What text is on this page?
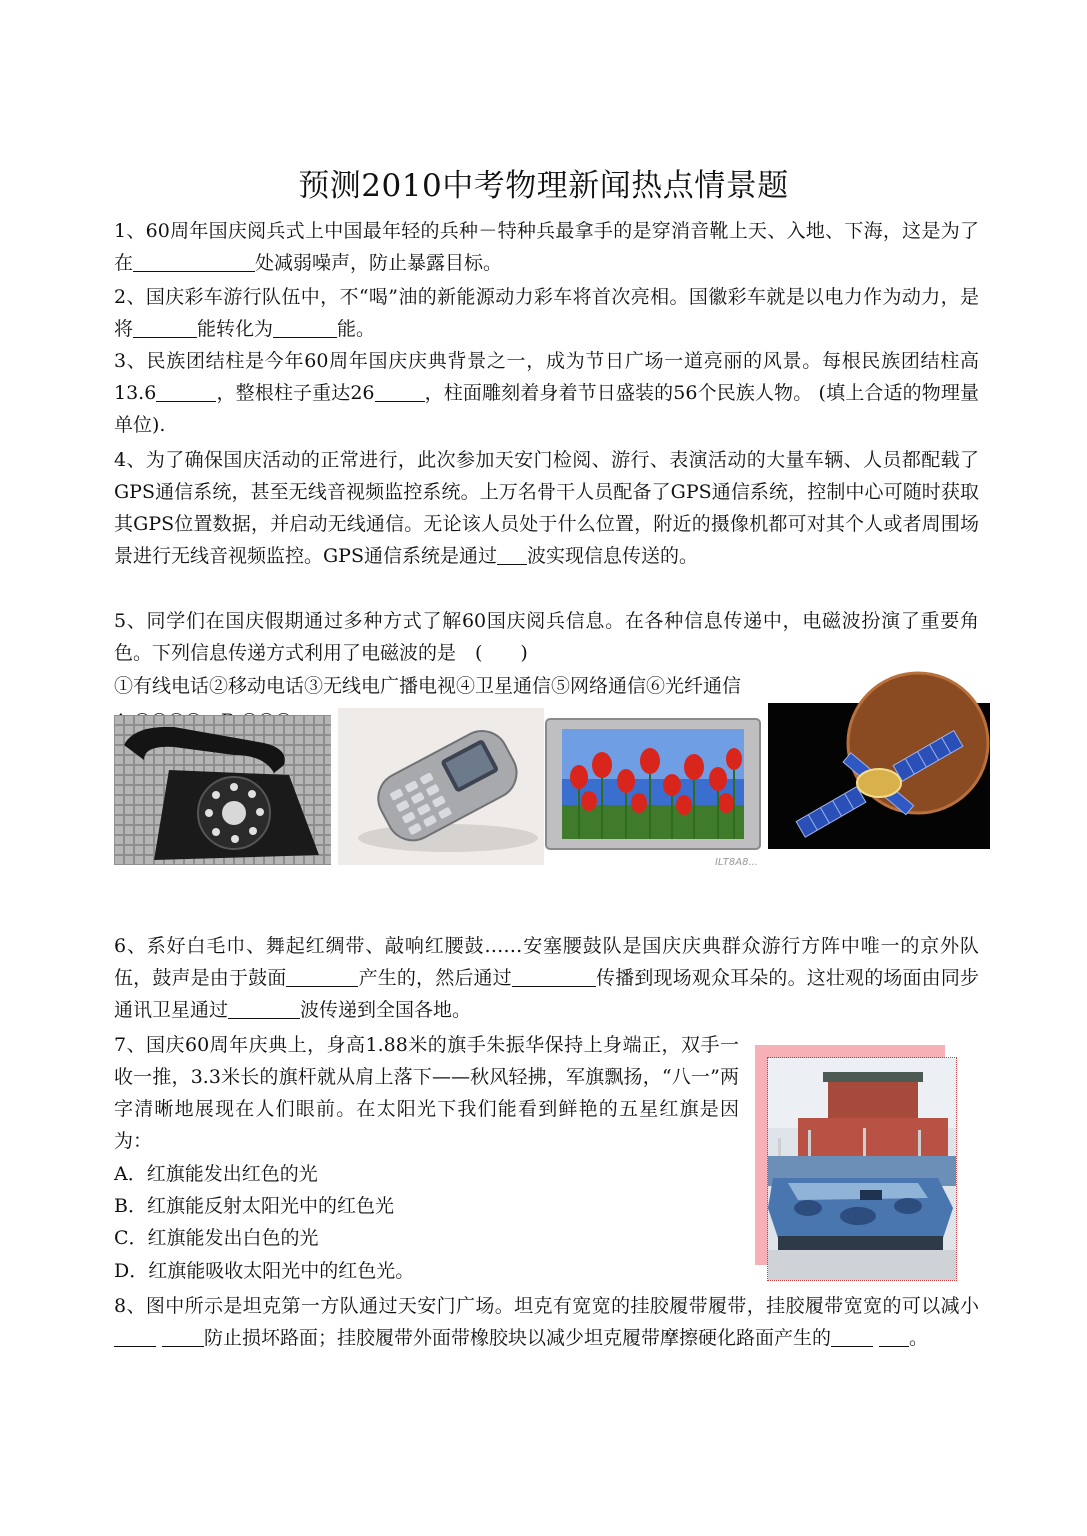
预测2010中考物理新闻热点情景题

1、60周年国庆阅兵式上中国最年轻的兵种－特种兵最拿手的是穿消音靴上天、入地、下海，这是为了在	处减弱噪声，防止暴露目标。

2、国庆彩车游行队伍中，不“喝”油的新能源动力彩车将首次亮相。国徽彩车就是以电力作为动力，是将	能转化为	能。

3、民族团结柱是今年60周年国庆庆典背景之一，成为节日广场一道亮丽的风景。每根民族团结柱高13.6	，整根柱子重达26	，柱面雕刻着身着节日盛装的56个民族人物。 (填上合适的物理量单位).

4、为了确保国庆活动的正常进行，此次参加天安门检阅、游行、表演活动的大量车辆、人员都配载了GPS通信系统，甚至无线音视频监控系统。上万名骨干人员配备了GPS通信系统，控制中心可随时获取其GPS位置数据，并启动无线通信。无论该人员处于什么位置，附近的摄像机都可对其个人或者周围场景进行无线音视频监控。GPS通信系统是通过 波实现信息传送的。

5、同学们在国庆假期通过多种方式了解60国庆阅兵信息。在各种信息传递中，电磁波扮演了重要角色。下列信息传递方式利用了电磁波的是　(　　)

①有线电话②移动电话③无线电广播电视④卫星通信⑤网络通信⑥光纤通信
ILT8A8...

6、系好白毛巾、舞起红绸带、敲响红腰鼓……安塞腰鼓队是国庆庆典群众游行方阵中唯一的京外队伍，鼓声是由于鼓面	产生的，然后通过	传播到现场观众耳朵的。这壮观的场面由同步通讯卫星通过	波传递到全国各地。

7、国庆60周年庆典上，身高1.88米的旗手朱振华保持上身端正，双手一收一推，3.3米长的旗杆就从肩上落下——秋风轻拂，军旗飘扬，“八一”两字清晰地展现在人们眼前。在太阳光下我们能看到鲜艳的五星红旗是因为：

A．红旗能发出红色的光
B．红旗能反射太阳光中的红色光
C．红旗能发出白色的光
D．红旗能吸收太阳光中的红色光。

8、图中所示是坦克第一方队通过天安门广场。坦克有宽宽的挂胶履带履带，挂胶履带宽宽的可以减小防止损坏路面；挂胶履带外面带橡胶块以减少坦克履带摩擦硬化路面产生的	。
